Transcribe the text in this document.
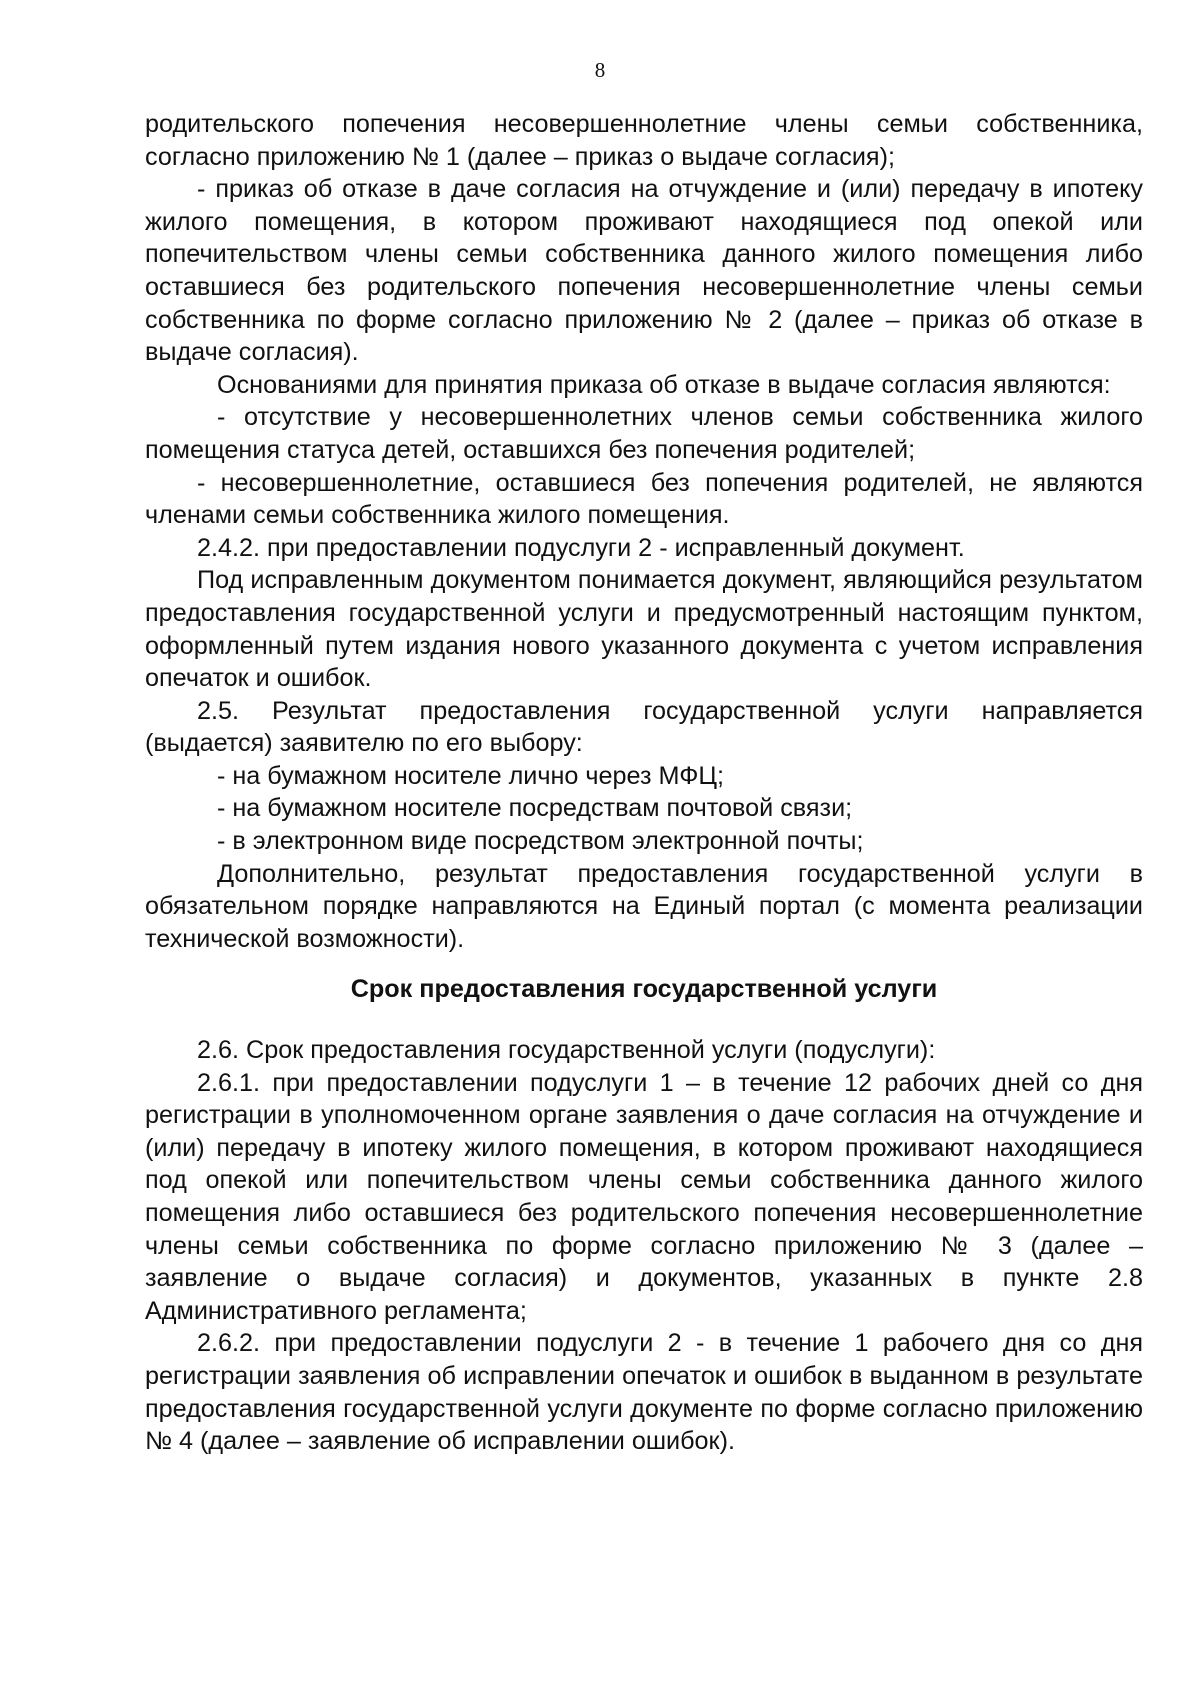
8

родительского попечения несовершеннолетние члены семьи собственника, согласно приложению № 1 (далее – приказ о выдаче согласия);

- приказ об отказе в даче согласия на отчуждение и (или) передачу в ипотеку жилого помещения, в котором проживают находящиеся под опекой или попечительством члены семьи собственника данного жилого помещения либо оставшиеся без родительского попечения несовершеннолетние члены семьи собственника по форме согласно приложению № 2 (далее – приказ об отказе в выдаче согласия).

Основаниями для принятия приказа об отказе в выдаче согласия являются:

- отсутствие у несовершеннолетних членов семьи собственника жилого помещения статуса детей, оставшихся без попечения родителей;

- несовершеннолетние, оставшиеся без попечения родителей, не являются членами семьи собственника жилого помещения.

2.4.2. при предоставлении подуслуги 2 - исправленный документ.

Под исправленным документом понимается документ, являющийся результатом предоставления государственной услуги и предусмотренный настоящим пунктом, оформленный путем издания нового указанного документа с учетом исправления опечаток и ошибок.

2.5. Результат предоставления государственной услуги направляется (выдается) заявителю по его выбору:

- на бумажном носителе лично через МФЦ;

- на бумажном носителе посредствам почтовой связи;

- в электронном виде посредством электронной почты;

Дополнительно, результат предоставления государственной услуги в обязательном порядке направляются на Единый портал (с момента реализации технической возможности).

Срок предоставления государственной услуги

2.6. Срок предоставления государственной услуги (подуслуги):

2.6.1. при предоставлении подуслуги 1 – в течение 12 рабочих дней со дня регистрации в уполномоченном органе заявления о даче согласия на отчуждение и (или) передачу в ипотеку жилого помещения, в котором проживают находящиеся под опекой или попечительством члены семьи собственника данного жилого помещения либо оставшиеся без родительского попечения несовершеннолетние члены семьи собственника по форме согласно приложению № 3 (далее – заявление о выдаче согласия) и документов, указанных в пункте 2.8 Административного регламента;

2.6.2. при предоставлении подуслуги 2 - в течение 1 рабочего дня со дня регистрации заявления об исправлении опечаток и ошибок в выданном в результате предоставления государственной услуги документе по форме согласно приложению № 4 (далее – заявление об исправлении ошибок).
